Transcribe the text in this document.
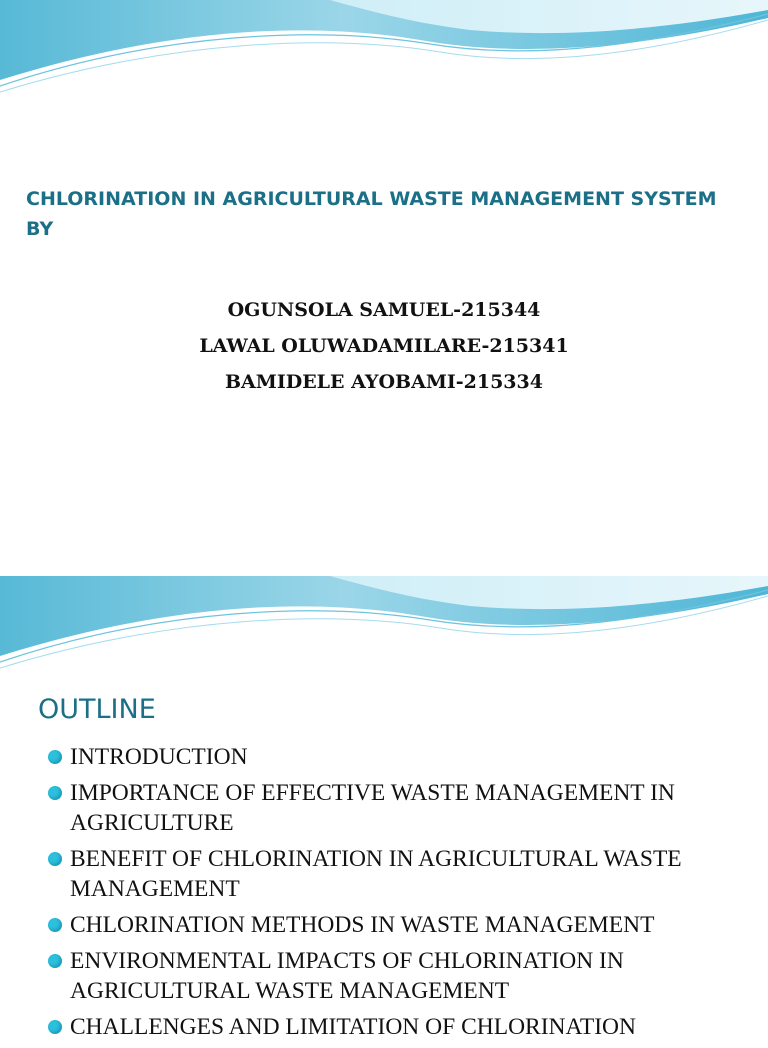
CHLORINATION IN AGRICULTURAL WASTE MANAGEMENT SYSTEM BY
OGUNSOLA SAMUEL-215344
LAWAL OLUWADAMILARE-215341
BAMIDELE AYOBAMI-215334
OUTLINE
INTRODUCTION
IMPORTANCE OF EFFECTIVE WASTE MANAGEMENT IN AGRICULTURE
BENEFIT OF CHLORINATION IN AGRICULTURAL WASTE MANAGEMENT
CHLORINATION METHODS IN WASTE MANAGEMENT
ENVIRONMENTAL IMPACTS OF CHLORINATION IN AGRICULTURAL WASTE MANAGEMENT
CHALLENGES AND LIMITATION OF CHLORINATION
